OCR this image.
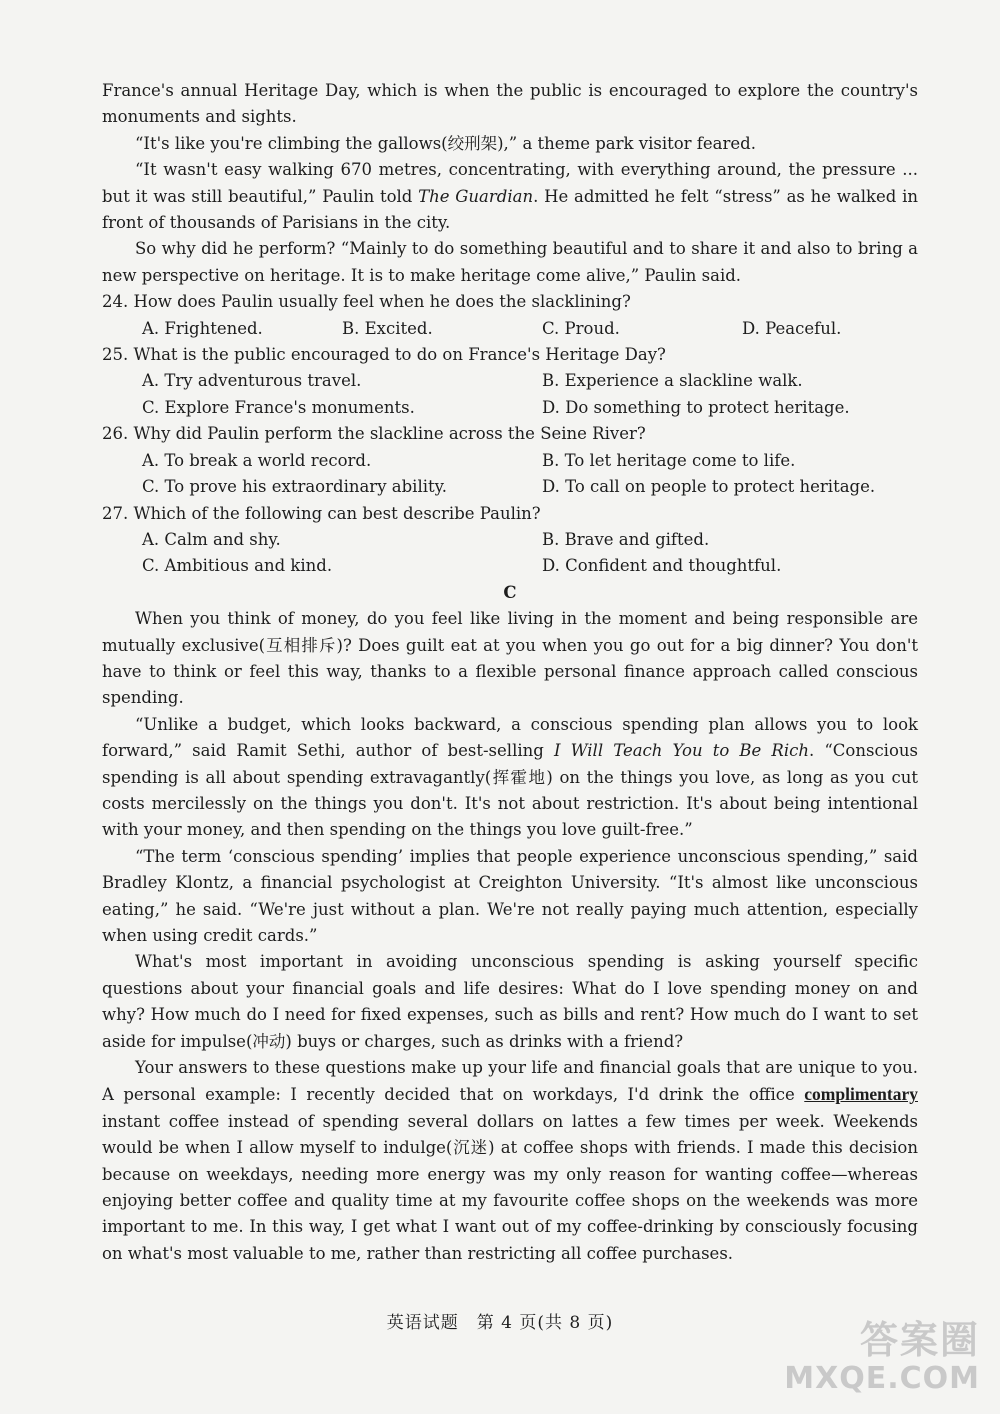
France's annual Heritage Day, which is when the public is encouraged to explore the country's monuments and sights.

“It's like you're climbing the gallows(绞刑架),” a theme park visitor feared.

“It wasn't easy walking 670 metres, concentrating, with everything around, the pressure ... but it was still beautiful,” Paulin told The Guardian. He admitted he felt “stress” as he walked in front of thousands of Parisians in the city.

So why did he perform? “Mainly to do something beautiful and to share it and also to bring a new perspective on heritage. It is to make heritage come alive,” Paulin said.

24. How does Paulin usually feel when he does the slacklining?

A. Frightened.	B. Excited.	C. Proud.	D. Peaceful.

25. What is the public encouraged to do on France's Heritage Day?

A. Try adventurous travel.	B. Experience a slackline walk.
C. Explore France's monuments.	D. Do something to protect heritage.

26. Why did Paulin perform the slackline across the Seine River?

A. To break a world record.	B. To let heritage come to life.
C. To prove his extraordinary ability.	D. To call on people to protect heritage.

27. Which of the following can best describe Paulin?

A. Calm and shy.	B. Brave and gifted.
C. Ambitious and kind.	D. Confident and thoughtful.

C

When you think of money, do you feel like living in the moment and being responsible are mutually exclusive(互相排斥)? Does guilt eat at you when you go out for a big dinner? You don't have to think or feel this way, thanks to a flexible personal finance approach called conscious spending.

“Unlike a budget, which looks backward, a conscious spending plan allows you to look forward,” said Ramit Sethi, author of best-selling I Will Teach You to Be Rich. “Conscious spending is all about spending extravagantly(挥霍地) on the things you love, as long as you cut costs mercilessly on the things you don't. It's not about restriction. It's about being intentional with your money, and then spending on the things you love guilt-free.”

“The term ‘conscious spending’ implies that people experience unconscious spending,” said Bradley Klontz, a financial psychologist at Creighton University. “It's almost like unconscious eating,” he said. “We're just without a plan. We're not really paying much attention, especially when using credit cards.”

What's most important in avoiding unconscious spending is asking yourself specific questions about your financial goals and life desires: What do I love spending money on and why? How much do I need for fixed expenses, such as bills and rent? How much do I want to set aside for impulse(冲动) buys or charges, such as drinks with a friend?

Your answers to these questions make up your life and financial goals that are unique to you. A personal example: I recently decided that on workdays, I'd drink the office complimentary instant coffee instead of spending several dollars on lattes a few times per week. Weekends would be when I allow myself to indulge(沉迷) at coffee shops with friends. I made this decision because on weekdays, needing more energy was my only reason for wanting coffee—whereas enjoying better coffee and quality time at my favourite coffee shops on the weekends was more important to me. In this way, I get what I want out of my coffee-drinking by consciously focusing on what's most valuable to me, rather than restricting all coffee purchases.

英语试题　第 4 页(共 8 页)	答案圈
MXQE.COM
